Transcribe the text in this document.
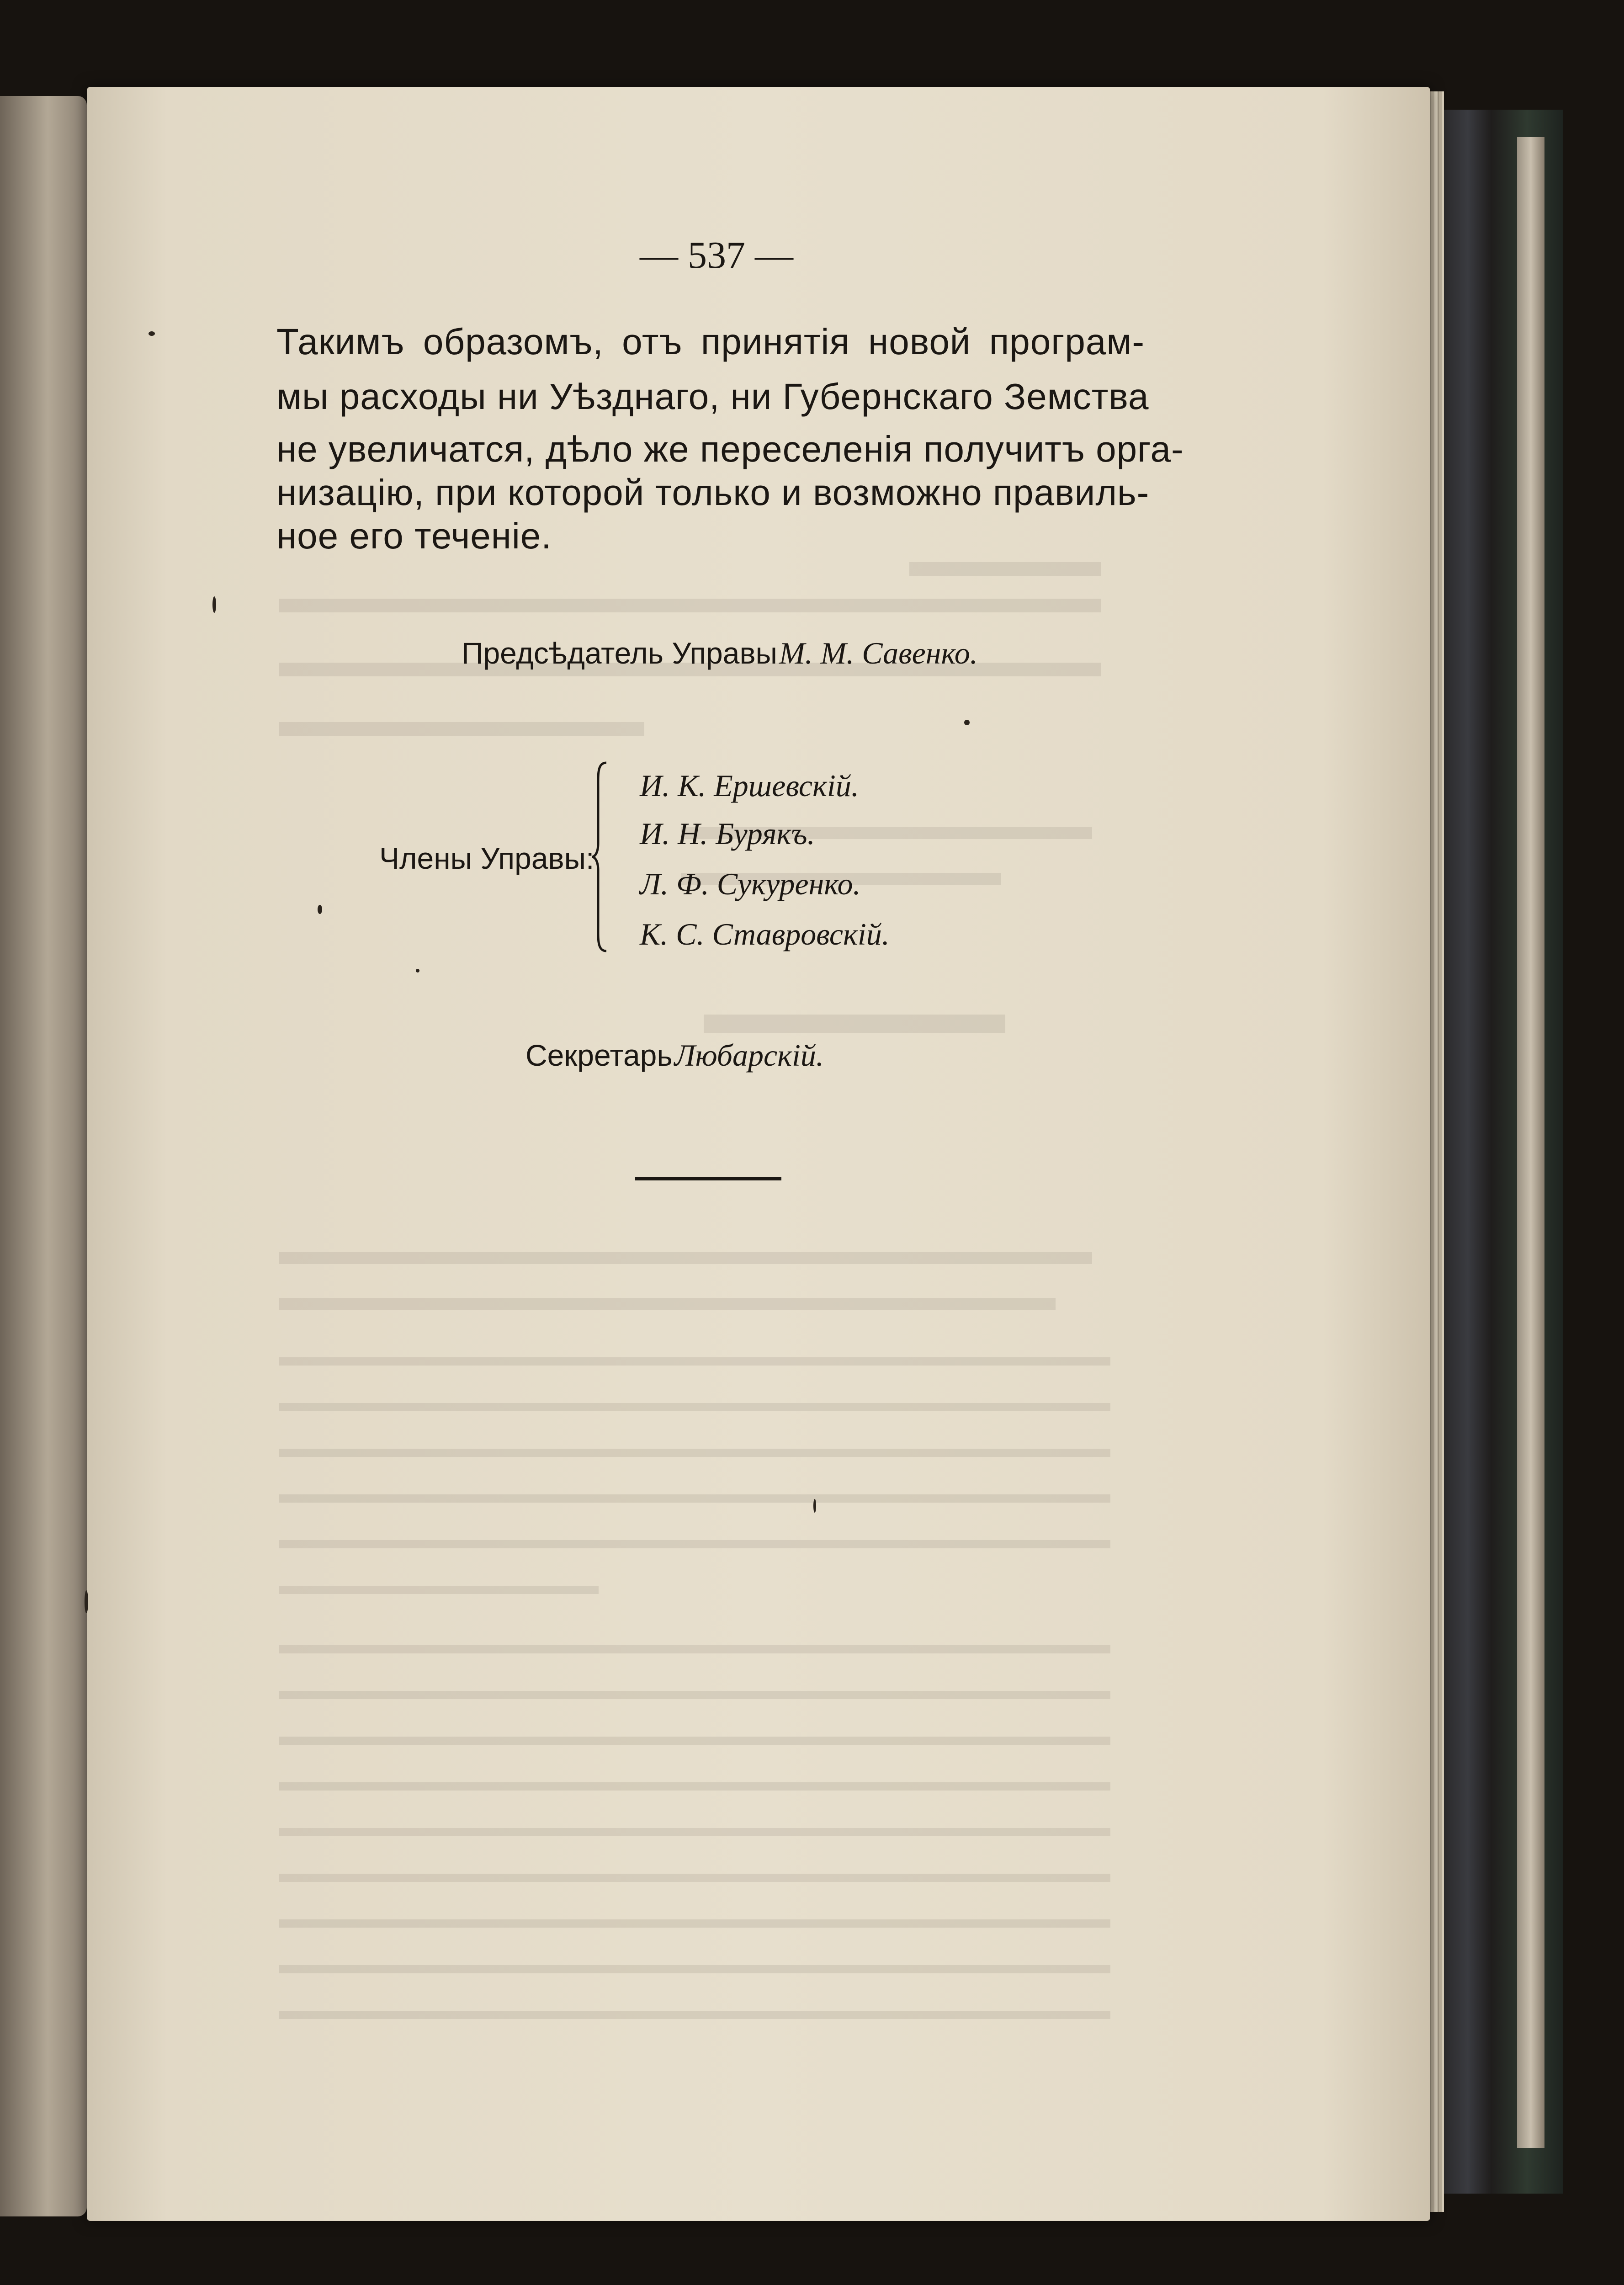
— 537 —
Такимъ образомъ, отъ принятія новой програм-
мы расходы ни Уѣзднаго, ни Губернскаго Земства
не увеличатся, дѣло же переселенія получитъ орга-
низацію, при которой только и возможно правиль-
ное его теченіе.
Предсѣдатель Управы М. М. Савенко.
Члены Управы:
И. К. Ершевскій.
И. Н. Бурякъ.
Л. Ф. Сукуренко.
К. С. Ставровскій.
Секретарь Любарскій.
